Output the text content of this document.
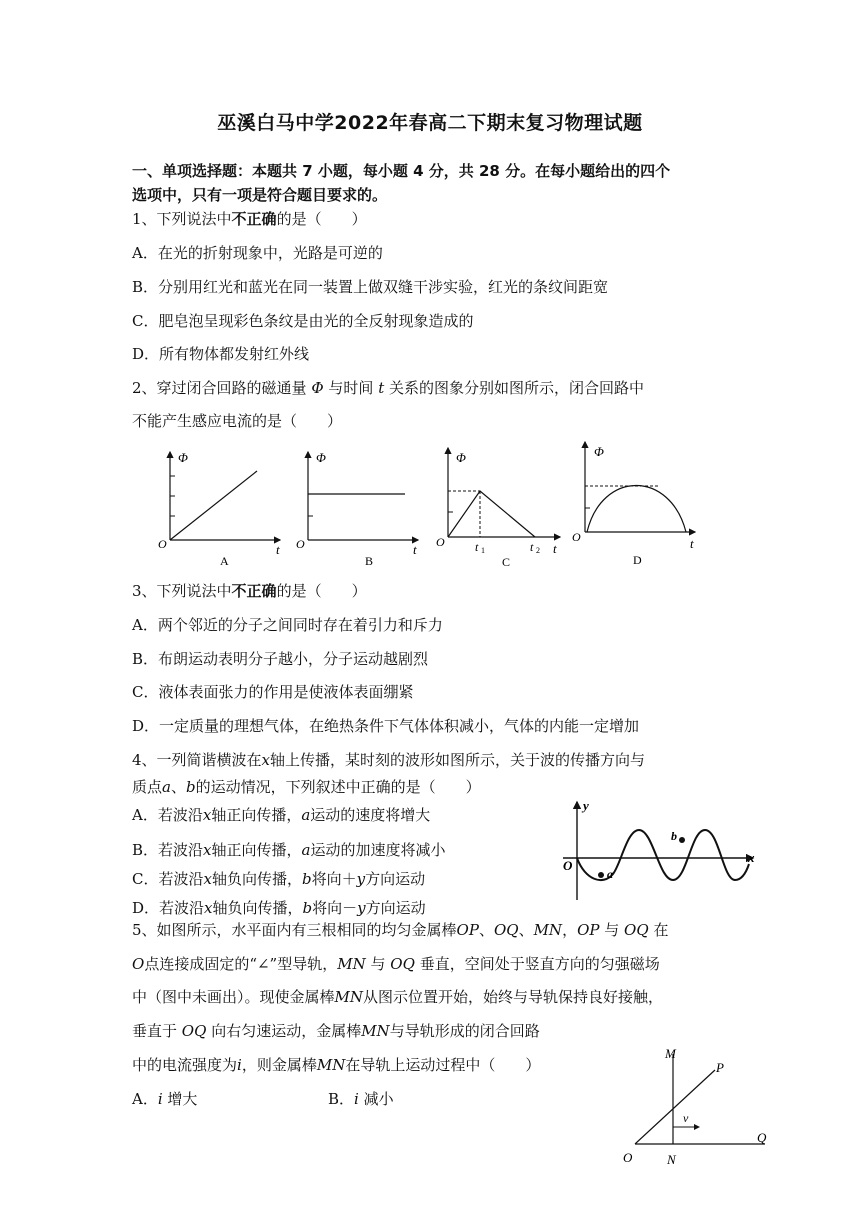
巫溪白马中学2022年春高二下期末复习物理试题
一、单项选择题：本题共 7 小题，每小题 4 分，共 28 分。在每小题给出的四个
选项中，只有一项是符合题目要求的。
1、下列说法中不正确的是（　　）
A．在光的折射现象中，光路是可逆的
B．分别用红光和蓝光在同一装置上做双缝干涉实验，红光的条纹间距宽
C．肥皂泡呈现彩色条纹是由光的全反射现象造成的
D．所有物体都发射红外线
2、穿过闭合回路的磁通量 Φ 与时间 t 关系的图象分别如图所示，闭合回路中
不能产生感应电流的是（　　）
Φ
O	t
A
Φ
O	t
B
Φ
O	t 1	t 2 t
C
Φ
O	t
D
3、下列说法中不正确的是（　　）
A．两个邻近的分子之间同时存在着引力和斥力
B．布朗运动表明分子越小，分子运动越剧烈
C．液体表面张力的作用是使液体表面绷紧
D．一定质量的理想气体，在绝热条件下气体体积减小，气体的内能一定增加
4、一列简谐横波在x轴上传播，某时刻的波形如图所示，关于波的传播方向与
质点a、b的运动情况，下列叙述中正确的是（　　）
A．若波沿x轴正向传播，a运动的速度将增大
B．若波沿x轴正向传播，a运动的加速度将减小
C．若波沿x轴负向传播，b将向＋y方向运动
D．若波沿x轴负向传播，b将向－y方向运动
y
O
x
a
b
5、如图所示，水平面内有三根相同的均匀金属棒OP、OQ、MN，OP 与 OQ 在
O点连接成固定的“∠”型导轨，MN 与 OQ 垂直，空间处于竖直方向的匀强磁场
中（图中未画出）。现使金属棒MN从图示位置开始，始终与导轨保持良好接触，
垂直于 OQ 向右匀速运动，金属棒MN与导轨形成的闭合回路
中的电流强度为i，则金属棒MN在导轨上运动过程中（　　）
A．i 增大	B．i 减小
M
P
v
Q
O	N
